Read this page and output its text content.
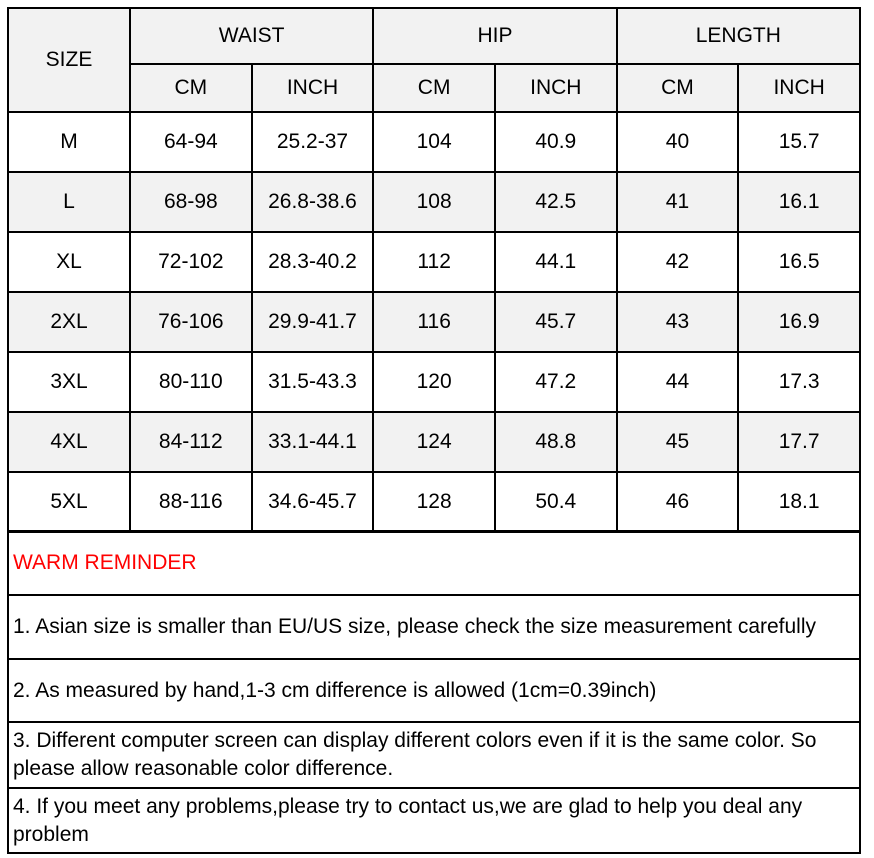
SIZE	WAIST		HIP		LENGTH	
	CM	INCH	CM	INCH	CM	INCH
M	64-94	25.2-37	104	40.9	40	15.7
L	68-98	26.8-38.6	108	42.5	41	16.1
XL	72-102	28.3-40.2	112	44.1	42	16.5
2XL	76-106	29.9-41.7	116	45.7	43	16.9
3XL	80-110	31.5-43.3	120	47.2	44	17.3
4XL	84-112	33.1-44.1	124	48.8	45	17.7
5XL	88-116	34.6-45.7	128	50.4	46	18.1
WARM REMINDER
1. Asian size is smaller than EU/US size, please check the size measurement carefully
2. As measured by hand,1-3 cm difference is allowed (1cm=0.39inch)
3. Different computer screen can display different colors even if it is the same color. So please allow reasonable color difference.
4. If you meet any problems,please try to contact us,we are glad to help you deal any problem
